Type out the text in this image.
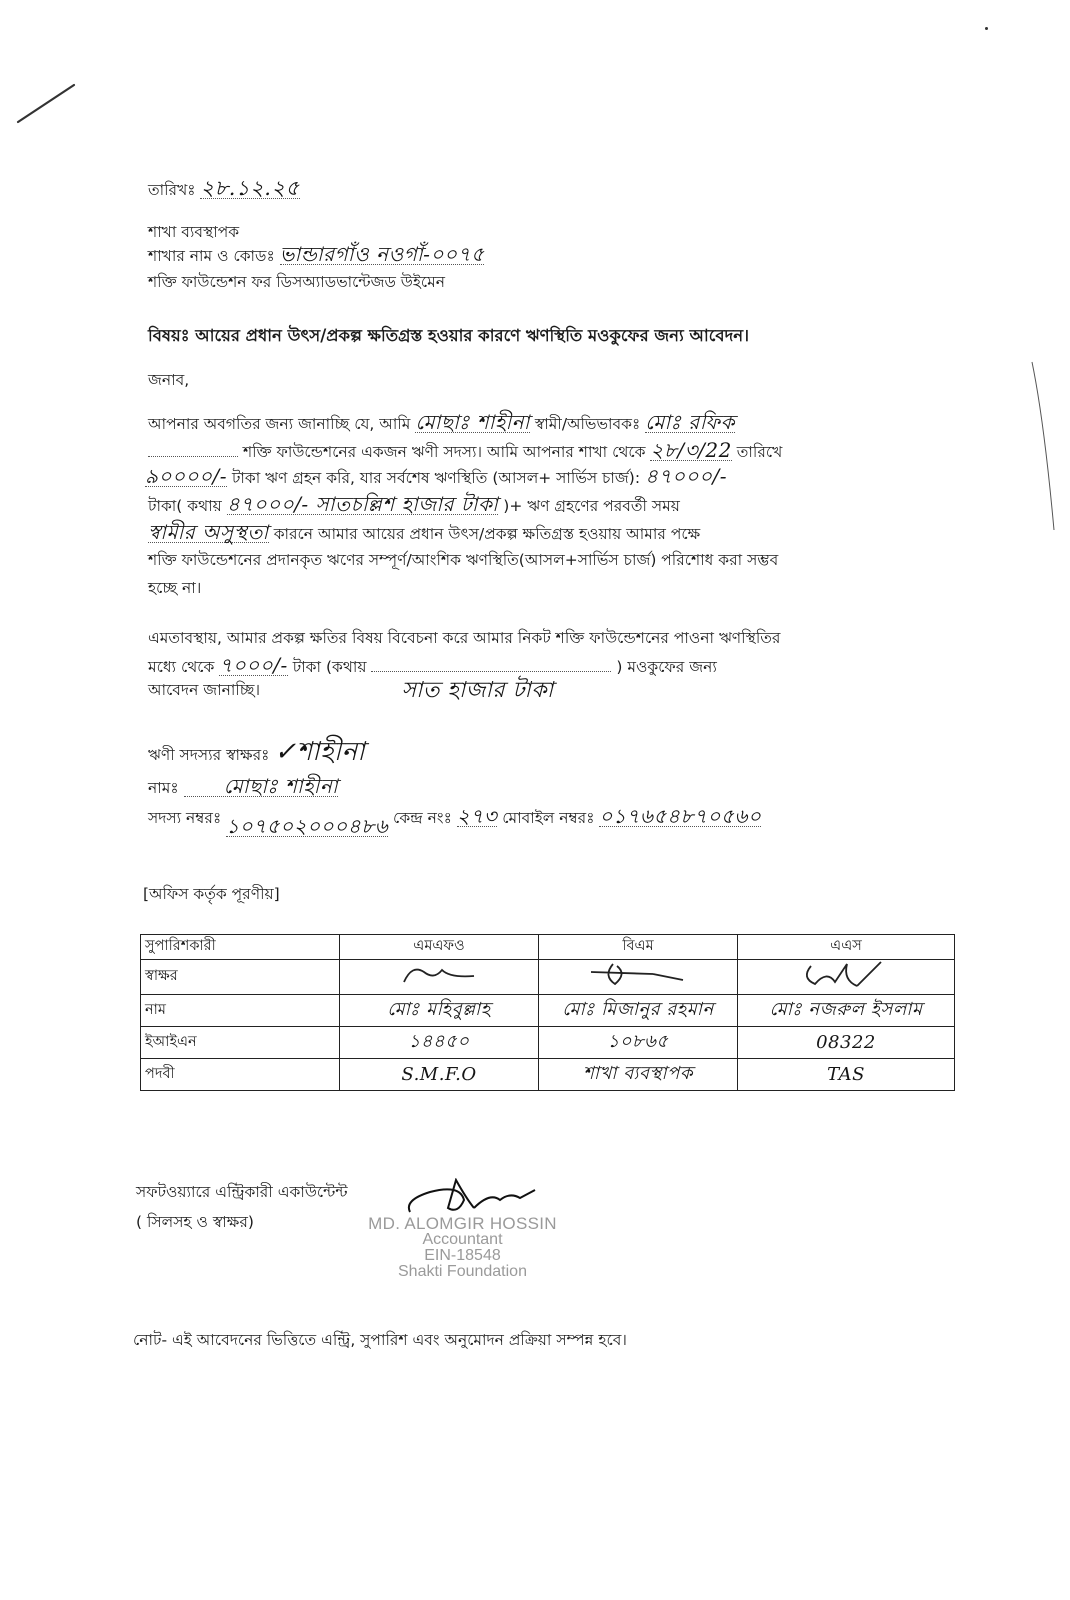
তারিখঃ ২৮.১২.২৫
শাখা ব্যবস্থাপক
শাখার নাম ও কোডঃ ভান্ডারগাঁও নওগাঁ-০০৭৫
শক্তি ফাউন্ডেশন ফর ডিসঅ্যাডভান্টেজড উইমেন
বিষয়ঃ আয়ের প্রধান উৎস/প্রকল্প ক্ষতিগ্রস্ত হওয়ার কারণে ঋণস্থিতি মওকুফের জন্য আবেদন।
জনাব,
আপনার অবগতির জন্য জানাচ্ছি যে, আমি মোছাঃ শাহীনা স্বামী/অভিভাবকঃ মোঃ রফিক
শক্তি ফাউন্ডেশনের একজন ঋণী সদস্য। আমি আপনার শাখা থেকে ২৮/৩/22 তারিখে
৯০০০০/- টাকা ঋণ গ্রহন করি, যার সর্বশেষ ঋণস্থিতি (আসল+ সার্ভিস চার্জ): ৪৭০০০/-
টাকা( কথায় ৪৭০০০/- সাতচল্লিশ হাজার টাকা )+ ঋণ গ্রহণের পরবর্তী সময়
স্বামীর অসুস্থতা কারনে আমার আয়ের প্রধান উৎস/প্রকল্প ক্ষতিগ্রস্ত হওয়ায় আমার পক্ষে
শক্তি ফাউন্ডেশনের প্রদানকৃত ঋণের সম্পূর্ণ/আংশিক ঋণস্থিতি(আসল+সার্ভিস চার্জ) পরিশোধ করা সম্ভব
হচ্ছে না।
এমতাবস্থায়, আমার প্রকল্প ক্ষতির বিষয় বিবেচনা করে আমার নিকট শক্তি ফাউন্ডেশনের পাওনা ঋণস্থিতির
মধ্যে থেকে ৭০০০/- টাকা (কথায়
সাত হাজার টাকা
) মওকুফের জন্য
আবেদন জানাচ্ছি।
ঋণী সদস্যর স্বাক্ষরঃ ✓শাহীনা
নামঃ মোছাঃ শাহীনা
সদস্য নম্বরঃ ১০৭৫০২০০০৪৮৬ কেন্দ্র নংঃ ২৭৩ মোবাইল নম্বরঃ ০১৭৬৫৪৮৭০৫৬০
[অফিস কর্তৃক পূরণীয়]
সুপারিশকারী	এমএফও	বিএম	এএস
স্বাক্ষর			
নাম	মোঃ মহিবুল্লাহ	মোঃ মিজানুর রহমান	মোঃ নজরুল ইসলাম
ইআইএন	১৪৪৫০	১০৮৬৫	08322
পদবী	S.M.F.O	শাখা ব্যবস্থাপক	TAS
সফটওয়্যারে এন্ট্রিকারী একাউন্টেন্ট
( সিলসহ ও স্বাক্ষর)	MD. ALOMGIR HOSSIN
Accountant
EIN-18548
Shakti Foundation
নোট- এই আবেদনের ভিত্তিতে এন্ট্রি, সুপারিশ এবং অনুমোদন প্রক্রিয়া সম্পন্ন হবে।
